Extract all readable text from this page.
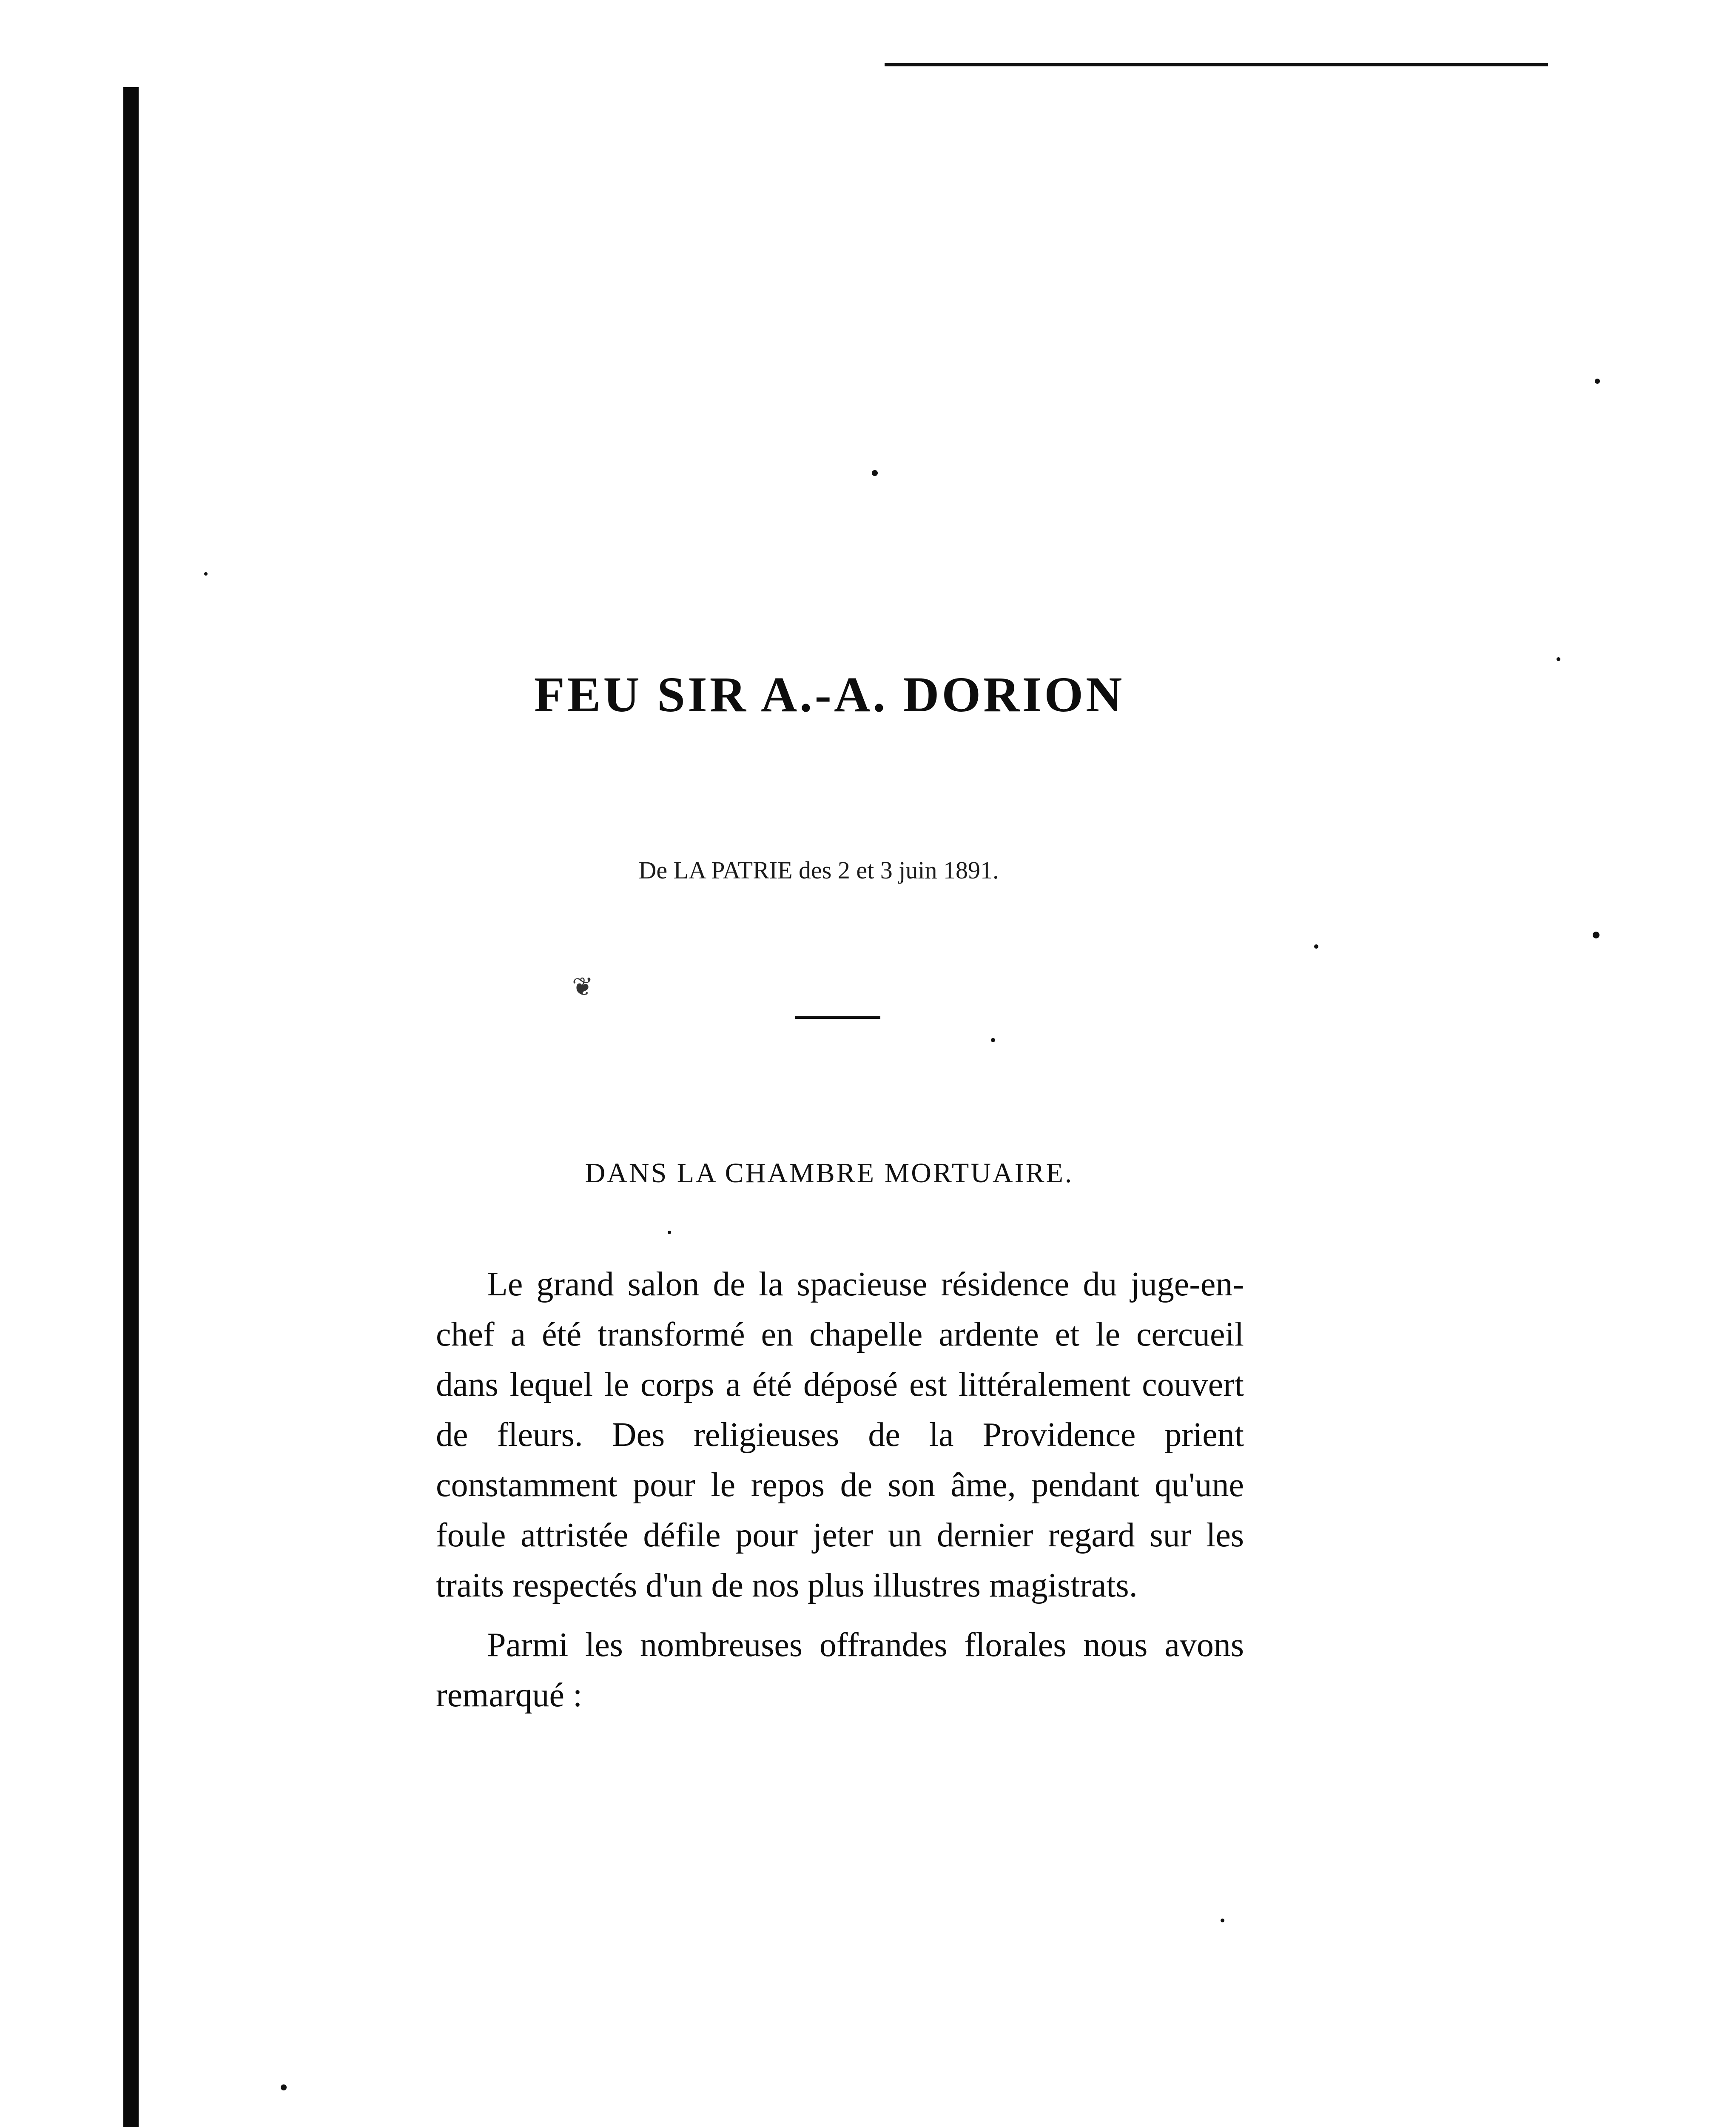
FEU SIR A.-A. DORION
De LA PATRIE des 2 et 3 juin 1891.
❦
DANS LA CHAMBRE MORTUAIRE.

Le grand salon de la spacieuse résidence du juge-en-chef a été transformé en chapelle ardente et le cercueil dans lequel le corps a été déposé est littéralement couvert de fleurs. Des religieuses de la Providence prient constamment pour le repos de son âme, pendant qu'une foule attristée défile pour jeter un dernier regard sur les traits respectés d'un de nos plus illustres magistrats.

Parmi les nombreuses offrandes florales nous avons remarqué :
